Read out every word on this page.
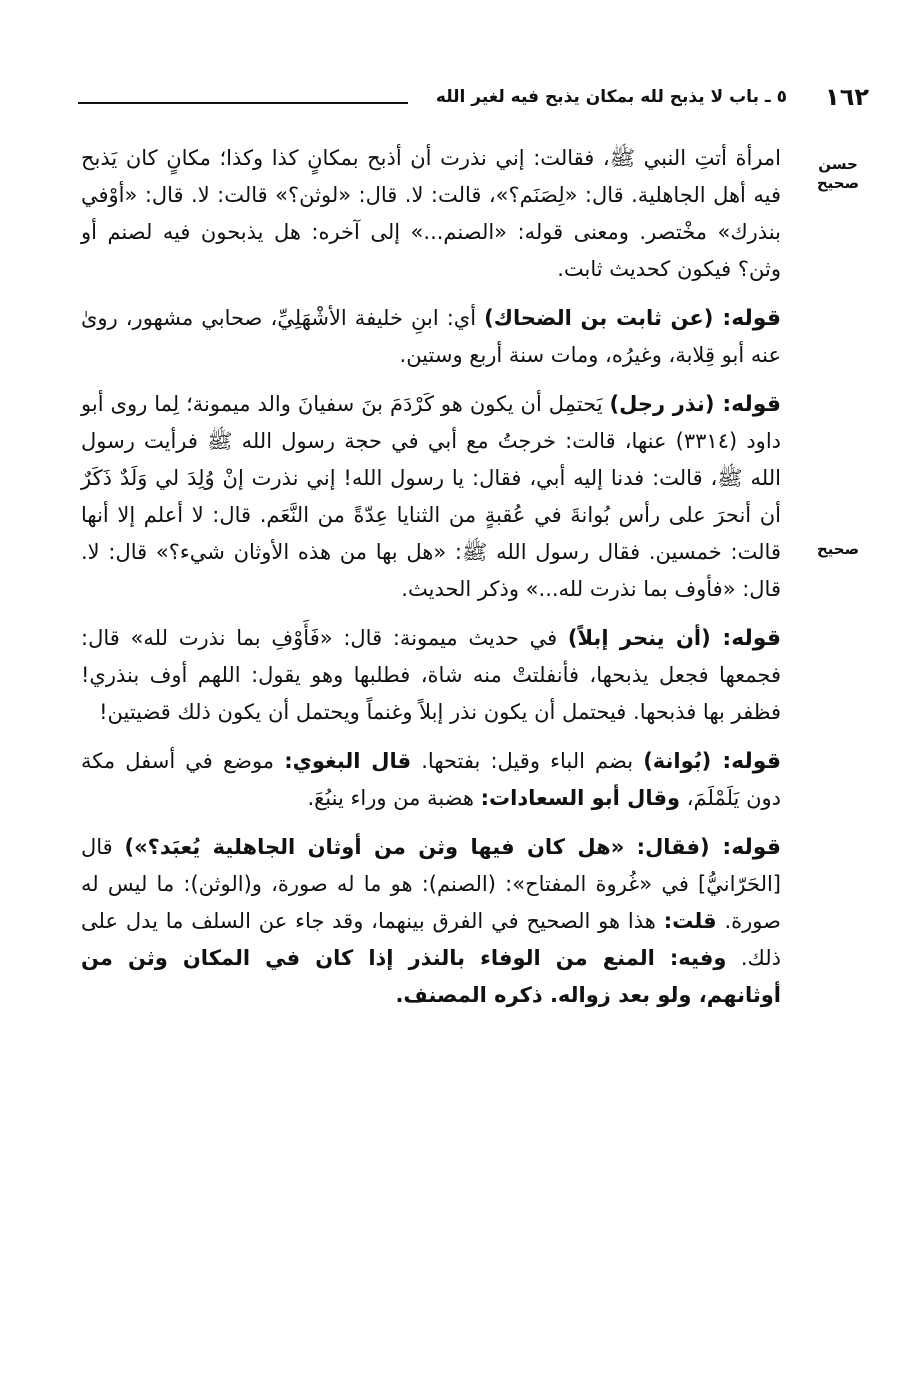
١٦٢
٥ ـ باب لا يذبح لله بمكان يذبح فيه لغير الله
حسن صحيح
صحيح

امرأة أتتِ النبي ﷺ، فقالت: إني نذرت أن أذبح بمكانٍ كذا وكذا؛ مكانٍ كان يَذبح فيه أهل الجاهلية. قال: «لِصَنَم؟»، قالت: لا. قال: «لوثن؟» قالت: لا. قال: «أوْفي بنذرك» مخْتصر. ومعنى قوله: «الصنم...» إلى آخره: هل يذبحون فيه لصنم أو وثن؟ فيكون كحديث ثابت.

قوله: (عن ثابت بن الضحاك) أي: ابنِ خليفة الأشْهَلِيِّ، صحابي مشهور، روىٰ عنه أبو قِلابة، وغيرُه، ومات سنة أربع وستين.

قوله: (نذر رجل) يَحتمِل أن يكون هو كَرْدَمَ بنَ سفيانَ والد ميمونة؛ لِما روى أبو داود (٣٣١٤) عنها، قالت: خرجتُ مع أبي في حجة رسول الله ﷺ فرأيت رسول الله ﷺ، قالت: فدنا إليه أبي، فقال: يا رسول الله! إني نذرت إنْ وُلِدَ لي وَلَدٌ ذَكَرٌ أن أنحرَ على رأس بُوانةَ في عُقبةٍ من الثنايا عِدّةً من النَّعَم. قال: لا أعلم إلا أنها قالت: خمسين. فقال رسول الله ﷺ: «هل بها من هذه الأوثان شيء؟» قال: لا. قال: «فأوف بما نذرت لله...» وذكر الحديث.

قوله: (أن ينحر إبلاً) في حديث ميمونة: قال: «فَأَوْفِ بما نذرت لله» قال: فجمعها فجعل يذبحها، فأنفلتتْ منه شاة، فطلبها وهو يقول: اللهم أوف بنذري! فظفر بها فذبحها. فيحتمل أن يكون نذر إبلاً وغنماً ويحتمل أن يكون ذلك قضيتين!

قوله: (بُوانة) بضم الباء وقيل: بفتحها. قال البغوي: موضع في أسفل مكة دون يَلَمْلَمَ، وقال أبو السعادات: هضبة من وراء ينبُعَ.

قوله: (فقال: «هل كان فيها وثن من أوثان الجاهلية يُعبَد؟») قال [الحَرّانيُّ] في «غُروة المفتاح»: (الصنم): هو ما له صورة، و(الوثن): ما ليس له صورة. قلت: هذا هو الصحيح في الفرق بينهما، وقد جاء عن السلف ما يدل على ذلك. وفيه: المنع من الوفاء بالنذر إذا كان في المكان وثن من أوثانهم، ولو بعد زواله. ذكره المصنف.
